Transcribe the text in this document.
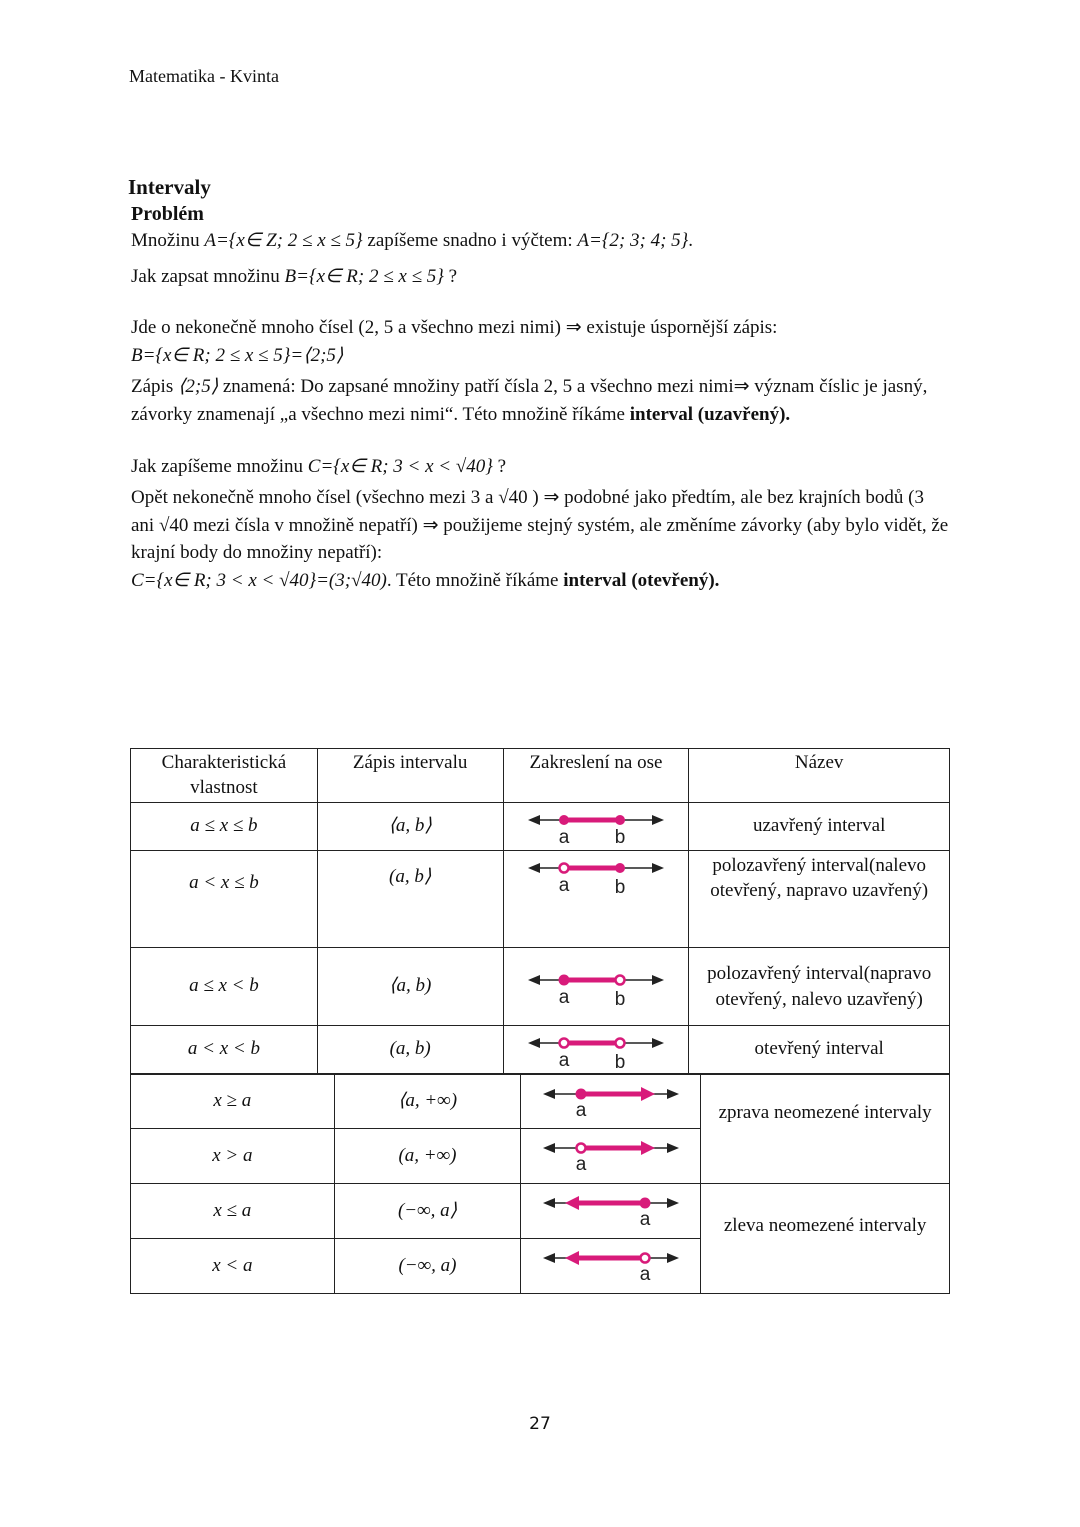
Matematika - Kvinta
Intervaly
Problém
Množinu A={x∈ Z; 2 ≤ x ≤ 5} zapíšeme snadno i výčtem: A={2; 3; 4; 5}.
Jak zapsat množinu B={x∈ R; 2 ≤ x ≤ 5} ?
Jde o nekonečně mnoho čísel (2, 5 a všechno mezi nimi) ⇒ existuje úspornější zápis:
B={x∈ R; 2 ≤ x ≤ 5}=⟨2;5⟩
Zápis ⟨2;5⟩ znamená: Do zapsané množiny patří čísla 2, 5 a všechno mezi nimi⇒ význam číslic je jasný, závorky znamenají „a všechno mezi nimi“. Této množině říkáme interval (uzavřený).
Jak zapíšeme množinu C={x∈ R; 3 < x < √40} ?
Opět nekonečně mnoho čísel (všechno mezi 3 a √40 ) ⇒ podobné jako předtím, ale bez krajních bodů (3 ani √40 mezi čísla v množině nepatří) ⇒ použijeme stejný systém, ale změníme závorky (aby bylo vidět, že krajní body do množiny nepatří):
C={x∈ R; 3 < x < √40}=(3;√40). Této množině říkáme interval (otevřený).
Charakteristická vlastnost	Zápis intervalu	Zakreslení na ose	Název
a ≤ x ≤ b	⟨a, b⟩	a b	uzavřený interval
a < x ≤ b	(a, b⟩	a b	polozavřený interval(nalevo otevřený, napravo uzavřený)
a ≤ x < b	⟨a, b)	a b	polozavřený interval(napravo otevřený, nalevo uzavřený)
a < x < b	(a, b)	a b	otevřený interval
x ≥ a	⟨a, +∞)	a	zprava neomezené intervaly
x > a	(a, +∞)	a	

x ≤ a	(−∞, a⟩	a	zleva neomezené intervaly
x < a	(−∞, a)	a	
27
